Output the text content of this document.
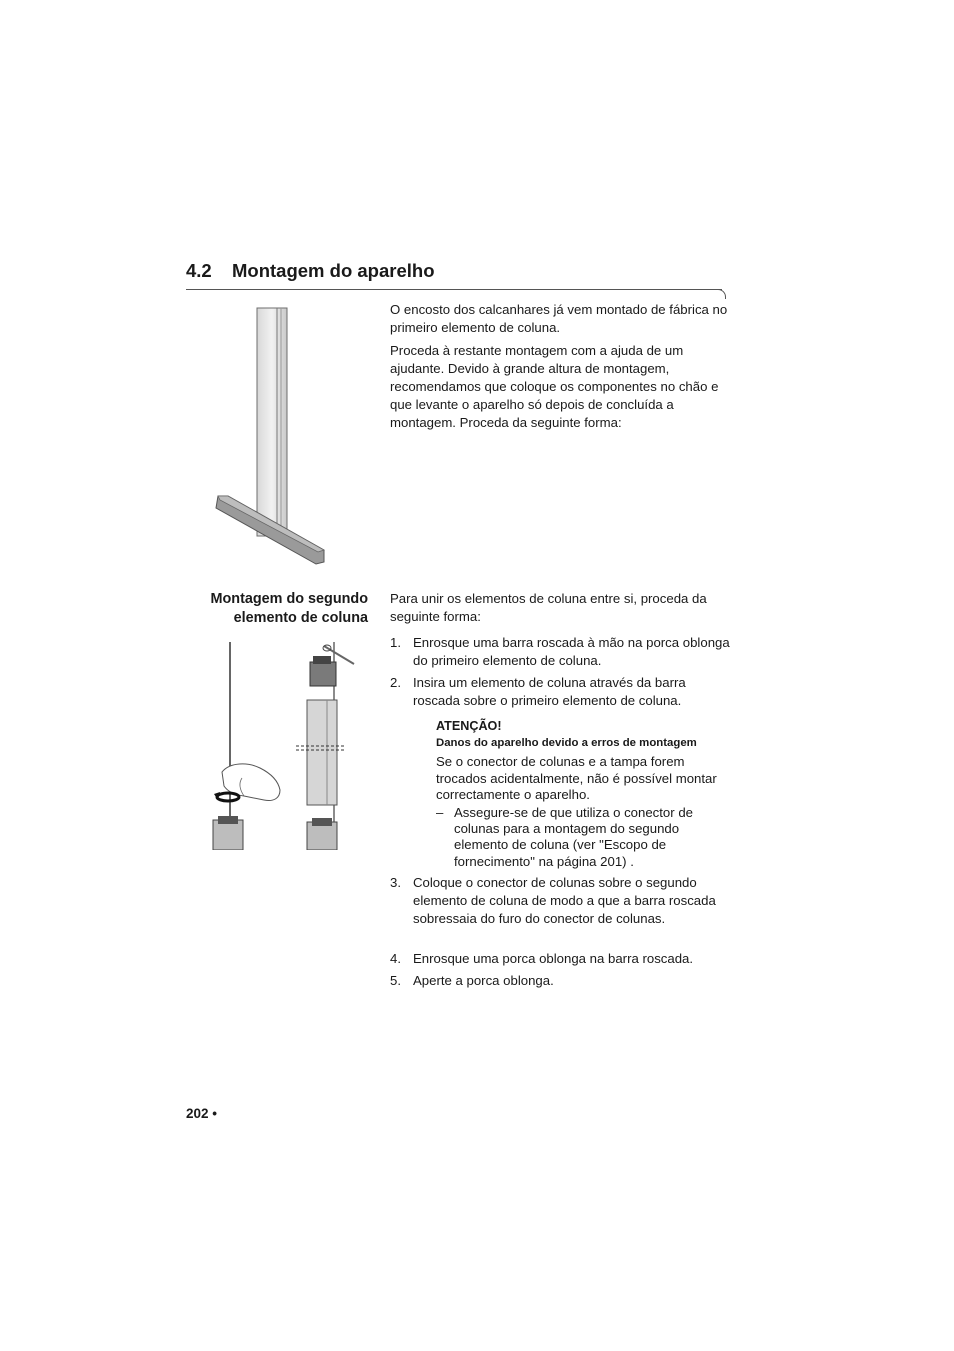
4.2 Montagem do aparelho

O encosto dos calcanhares já vem montado de fábrica no primeiro elemento de coluna.

Proceda à restante montagem com a ajuda de um ajudante. Devido à grande altura de montagem, recomendamos que coloque os componentes no chão e que levante o aparelho só depois de concluída a montagem. Proceda da seguinte forma:

Montagem do segundo
elemento de coluna

Para unir os elementos de coluna entre si, proceda da seguinte forma:

1. Enrosque uma barra roscada à mão na porca oblonga do primeiro elemento de coluna.
2. Insira um elemento de coluna através da barra roscada sobre o primeiro elemento de coluna.
3. Coloque o conector de colunas sobre o segundo elemento de coluna de modo a que a barra roscada sobressaia do furo do conector de colunas.
4. Enrosque uma porca oblonga na barra roscada.
5. Aperte a porca oblonga.

ATENÇÃO!

Danos do aparelho devido a erros de montagem

Se o conector de colunas e a tampa forem trocados acidentalmente, não é possível montar correctamente o aparelho.

– Assegure-se de que utiliza o conector de colunas para a montagem do segundo elemento de coluna (ver "Escopo de fornecimento" na página 201) .

202 •
